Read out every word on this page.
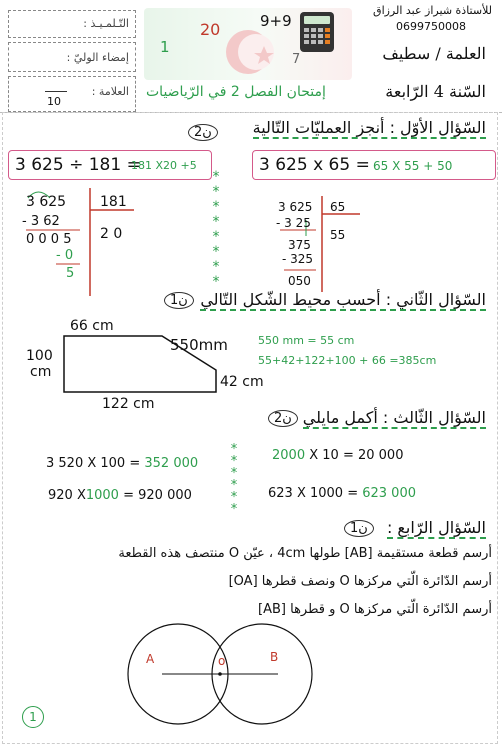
التّـلمـيـذ :
إمضاء الوليّ :
العلامة :
10
20
1
7
9+9
للأستاذة شيراز عبد الرزاق
0699750008
العلمة / سطيف
السّنة 4 الرّابعة
إمتحان الفصل 2 في الرّياضيات
السّؤال الأوّل : أنجز العمليّات التّالية
2ن
3 625 ÷ 181 =
181 X20 +5	3 625 x 65 = 65 X 55 + 50
*
*
*
*
*
*
*
*
3 625 181
- 3 62
0 0 0 5 2 0
- 0
5
3 625 65
- 3 25
55
375
- 325
050
السّؤال الثّاني : أحسب محيط الشّكل التّالي
1ن
66 cm
550mm
100
cm
42 cm
122 cm
550 mm = 55 cm
55+42+122+100 + 66 =385cm
السّؤال الثّالث : أكمل مايلي
2ن
*
*
*
*
*
*
3 520 X 100 = 352 000
920 X1000 = 920 000
2000 X 10 = 20 000
623 X 1000 = 623 000
السّؤال الرّابع :
1ن
أرسم قطعة مستقيمة [AB] طولها 4cm ، عيّن O منتصف هذه القطعة
أرسم الدّائرة الّتي مركزها O ونصف قطرها [OA]
أرسم الدّائرة الّتي مركزها O و قطرها [AB]
A	o	B
1
